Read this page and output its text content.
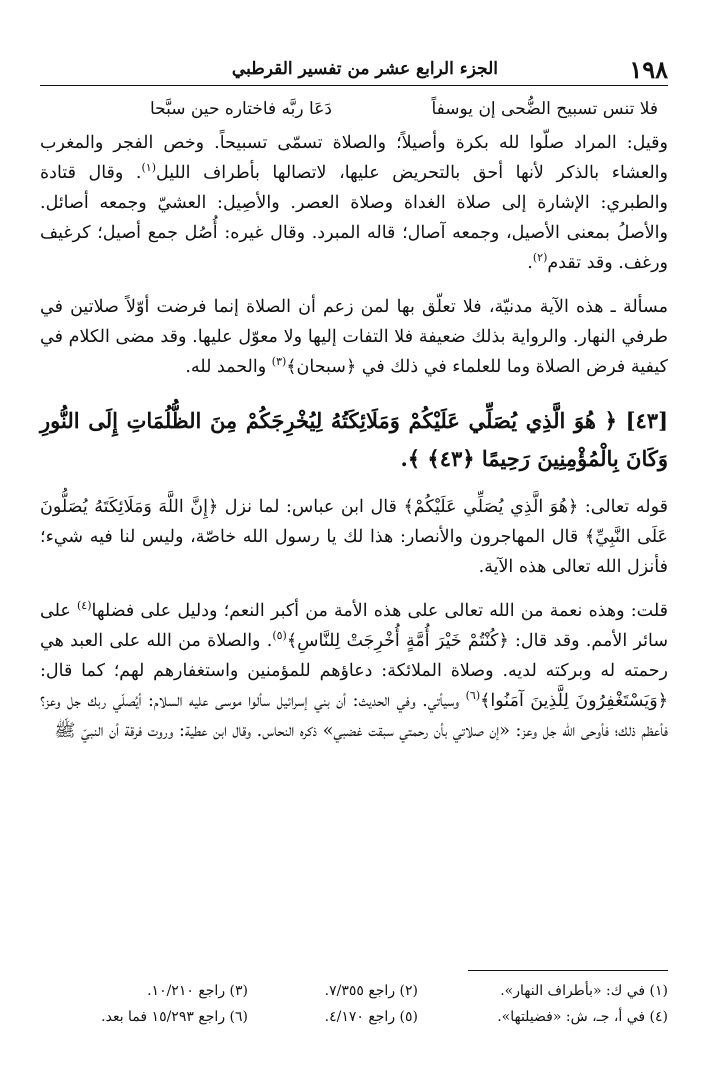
١٩٨
الجزء الرابع عشر من تفسير القرطبي
فلا تنس تسبيح الضُّحى إن يوسفاً
دَعَا ربَّه فاختاره حين سبَّحا

وقيل: المراد صلّوا لله بكرة وأصيلاً؛ والصلاة تسمّى تسبيحاً. وخص الفجر والمغرب والعشاء بالذكر لأنها أحق بالتحريض عليها، لاتصالها بأطراف الليل$^{(١)}$. وقال قتادة والطبري: الإشارة إلى صلاة الغداة وصلاة العصر. والأصِيل: العشيّ وجمعه أصائل. والأصلُ بمعنى الأصيل، وجمعه آصال؛ قاله المبرد. وقال غيره: أُصُل جمع أصيل؛ كرغيف ورغف. وقد تقدم$^{(٢)}$.

مسألة ـ هذه الآية مدنيّة، فلا تعلّق بها لمن زعم أن الصلاة إنما فرضت أوّلاً صلاتين في طرفي النهار. والرواية بذلك ضعيفة فلا التفات إليها ولا معوّل عليها. وقد مضى الكلام في كيفية فرض الصلاة وما للعلماء في ذلك في ﴿سبحان﴾$^{(٣)}$ والحمد لله.

[٤٣] ﴿ هُوَ الَّذِي يُصَلِّي عَلَيْكُمْ وَمَلَائِكَتُهُ لِيُخْرِجَكُمْ مِنَ الظُّلُمَاتِ إِلَى النُّورِ وَكَانَ بِالْمُؤْمِنِينَ رَحِيمًا ﴿٤٣﴾ ﴾.

قوله تعالى: ﴿هُوَ الَّذِي يُصَلِّي عَلَيْكُمْ﴾ قال ابن عباس: لما نزل ﴿إِنَّ اللَّهَ وَمَلَائِكَتَهُ يُصَلُّونَ عَلَى النَّبِيِّ﴾ قال المهاجرون والأنصار: هذا لك يا رسول الله خاصّة، وليس لنا فيه شيء؛ فأنزل الله تعالى هذه الآية.

قلت: وهذه نعمة من الله تعالى على هذه الأمة من أكبر النعم؛ ودليل على فضلها$^{(٤)}$ على سائر الأمم. وقد قال: ﴿كُنْتُمْ خَيْرَ أُمَّةٍ أُخْرِجَتْ لِلنَّاسِ﴾$^{(٥)}$. والصلاة من الله على العبد هي رحمته له وبركته لديه. وصلاة الملائكة: دعاؤهم للمؤمنين واستغفارهم لهم؛ كما قال: ﴿وَيَسْتَغْفِرُونَ لِلَّذِينَ آمَنُوا﴾$^{(٦)}$ وسيأتي. وفي الحديث: أن بني إسرائيل سألوا موسى عليه السلام: أيُصلّي ربك جل وعز؟ فأعظم ذلك؛ فأوحى الله جل وعز: «إن صلاتي بأن رحمتي سبقت غضبي» ذكره النحاس. وقال ابن عطية: وروت فرقة أن النبيّ ﷺ

(١) في ك: «بأطراف النهار».
(٢) راجع ٧/٣٥٥.
(٣) راجع ١٠/٢١٠.
(٤) في أ، جـ، ش: «فضيلتها».
(٥) راجع ٤/١٧٠.
(٦) راجع ١٥/٢٩٣ فما بعد.
